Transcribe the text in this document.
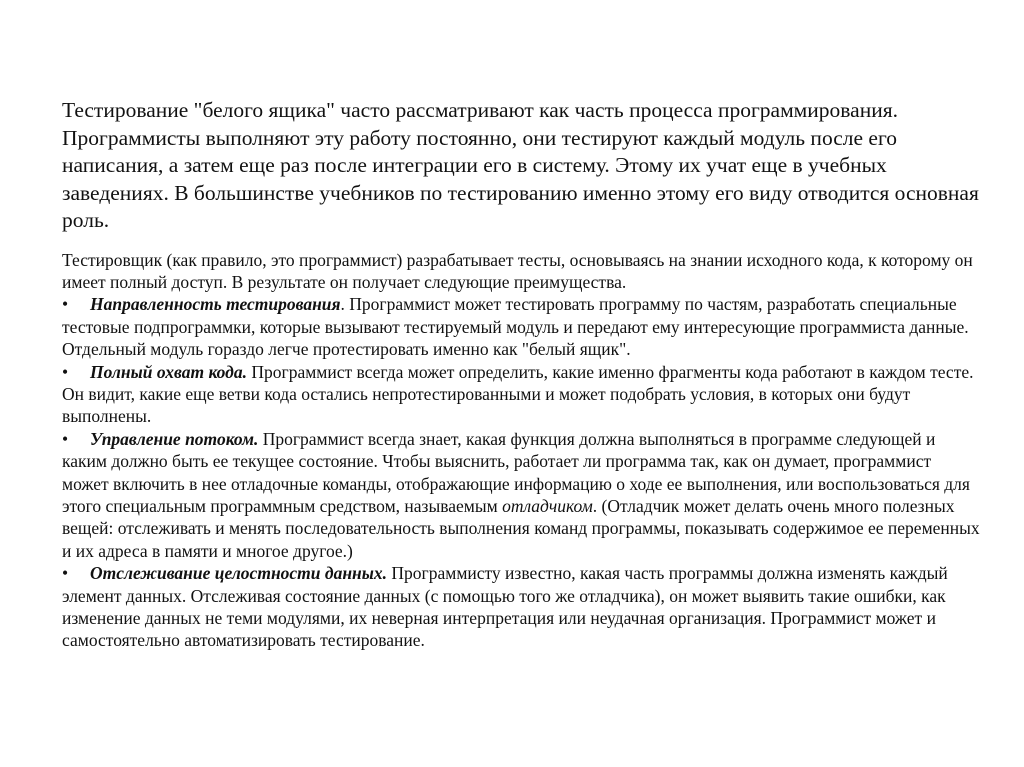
Тестирование "белого ящика" часто рассматривают как часть процесса программирования. Программисты выполняют эту работу постоянно, они тестируют каждый модуль после его написания, а затем еще раз после интеграции его в систему. Этому их учат еще в учебных заведениях. В большинстве учебников по тестированию именно этому его виду отводится основная роль.

Тестировщик (как правило, это программист) разрабатывает тесты, основываясь на знании исходного кода, к которому он имеет полный доступ. В результате он получает следующие преимущества.

• Направленность тестирования. Программист может тестировать программу по частям, разработать специальные тестовые подпрограммки, которые вызывают тестируемый модуль и передают ему интересующие программиста данные. Отдельный модуль гораздо легче протестировать именно как "белый ящик".

• Полный охват кода. Программист всегда может определить, какие именно фрагменты кода работают в каждом тесте. Он видит, какие еще ветви кода остались непротестированными и может подобрать условия, в которых они будут выполнены.

• Управление потоком. Программист всегда знает, какая функция должна выполняться в программе следующей и каким должно быть ее текущее состояние. Чтобы выяснить, работает ли программа так, как он думает, программист может включить в нее отладочные команды, отображающие информацию о ходе ее выполнения, или воспользоваться для этого специальным программным средством, называемым отладчиком. (Отладчик может делать очень много полезных вещей: отслеживать и менять последовательность выполнения команд программы, показывать содержимое ее переменных и их адреса в памяти и многое другое.)

• Отслеживание целостности данных. Программисту известно, какая часть программы должна изменять каждый элемент данных. Отслеживая состояние данных (с помощью того же отладчика), он может выявить такие ошибки, как изменение данных не теми модулями, их неверная интерпретация или неудачная организация. Программист может и самостоятельно автоматизировать тестирование.
